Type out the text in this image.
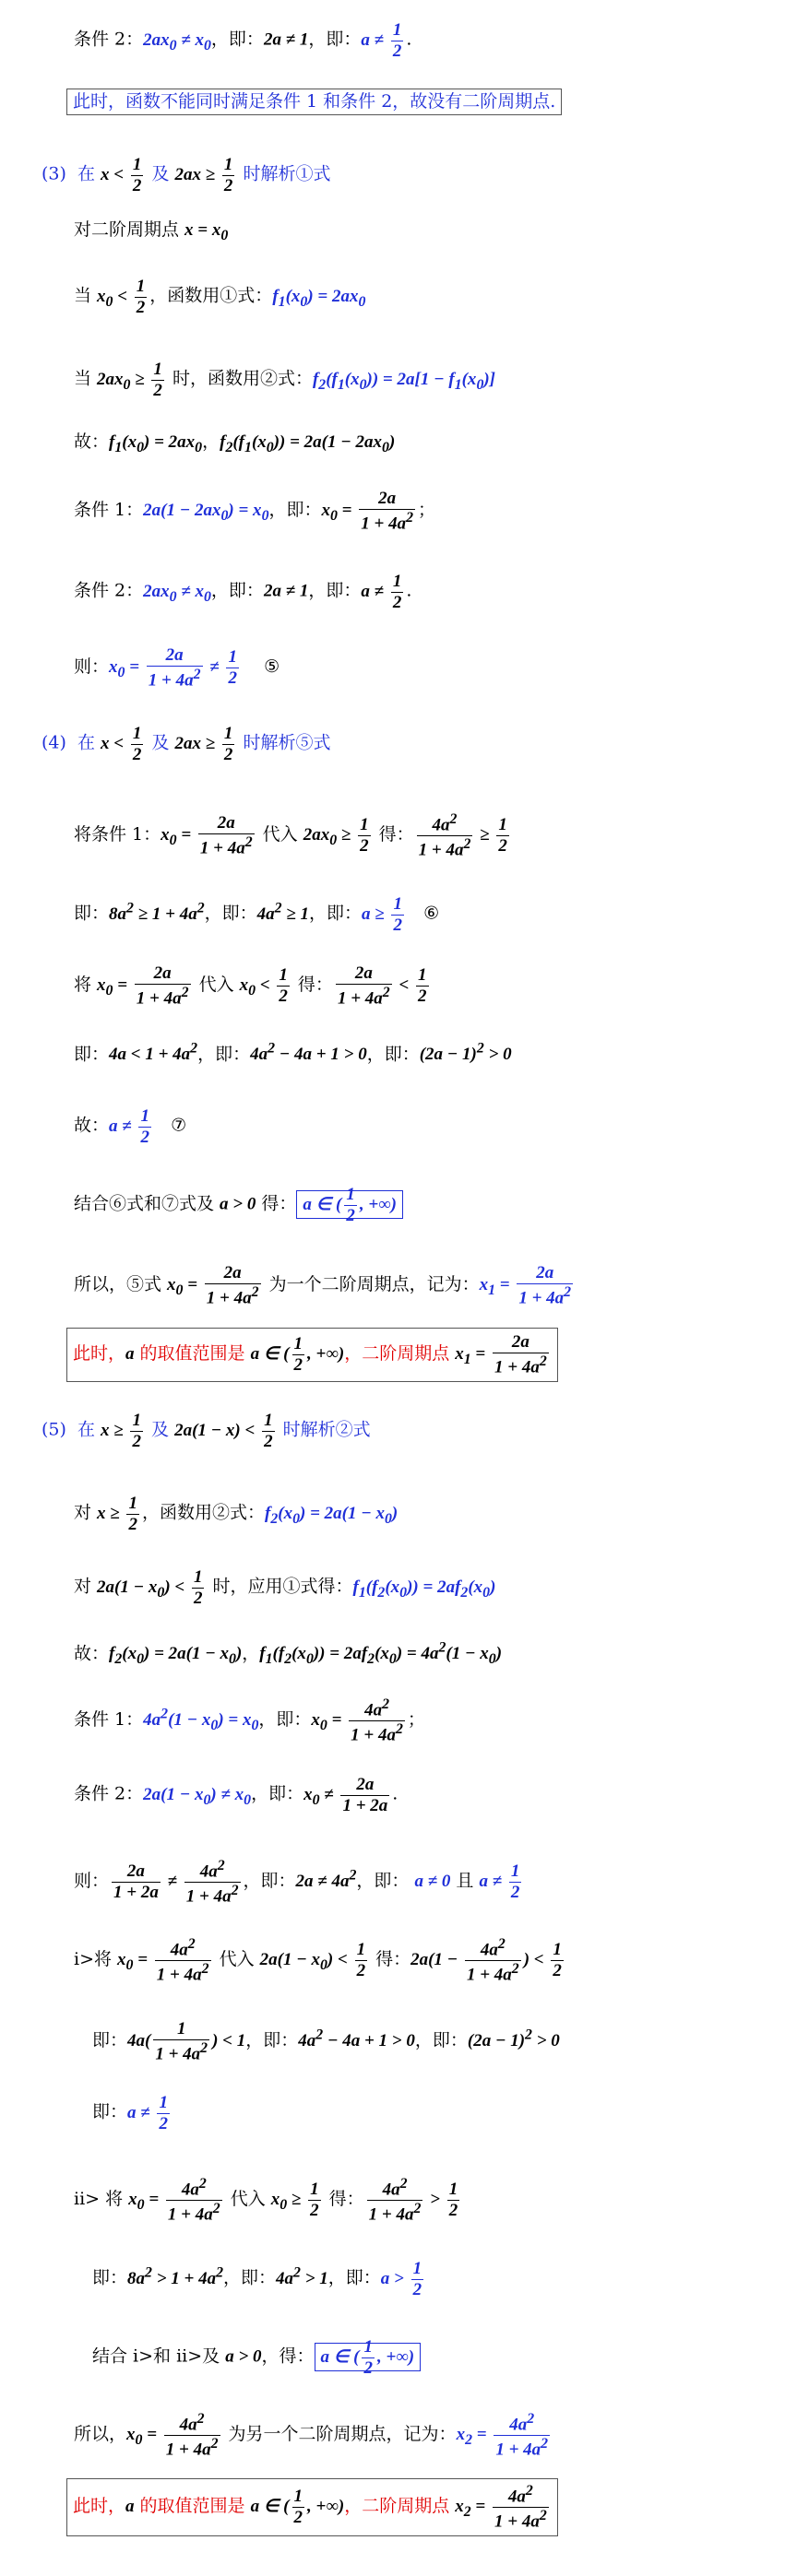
条件 2：$2ax_0 \ne x_0$，即：2a ≠ 1，即：$a \ne \frac{1}{2}$ .
此时，函数不能同时满足条件 1 和条件 2，故没有二阶周期点.
(3)  在 $x < \frac{1}{2}$ 及 $2ax \ge \frac{1}{2}$ 时解析①式
对二阶周期点 $x = x_0$
当 $x_0 < \frac{1}{2}$ ，函数用①式：$f_1(x_0) = 2ax_0$
当 $2ax_0 \ge \frac{1}{2}$ 时，函数用②式：$f_2(f_1(x_0)) = 2a[1 - f_1(x_0)]$
故：$f_1(x_0) = 2ax_0$，$f_2(f_1(x_0)) = 2a(1 - 2ax_0)$
条件 1：$2a(1 - 2ax_0) = x_0$，即：$x_0 = \frac{2a}{1 + 4a^2}$ ；
条件 2：$2ax_0 \ne x_0$，即：2a ≠ 1，即：$a \ne \frac{1}{2}$ .
则：$x_0 = \frac{2a}{1 + 4a^2} \ne \frac{1}{2}$ ⑤
(4)  在 $x < \frac{1}{2}$ 及 $2ax \ge \frac{1}{2}$ 时解析⑤式
将条件 1：$x_0 = \frac{2a}{1 + 4a^2}$ 代入 $2ax_0 \ge \frac{1}{2}$ 得： $\frac{4a^2}{1 + 4a^2} \ge \frac{1}{2}$
即：$8a^2 \ge 1 + 4a^2$，即：$4a^2 \ge 1$，即：$a \ge \frac{1}{2}$ ⑥
将 $x_0 = \frac{2a}{1 + 4a^2}$ 代入 $x_0 < \frac{1}{2}$ 得： $\frac{2a}{1 + 4a^2} < \frac{1}{2}$
即：$4a < 1 + 4a^2$，即：$4a^2 - 4a + 1 > 0$，即：$(2a - 1)^2 > 0$
故：$a \ne \frac{1}{2}$ ⑦
结合⑥式和⑦式及 a > 0 得： a ∈ ( $\frac{1}{2}$ , +∞)
所以，⑤式 $x_0 = \frac{2a}{1 + 4a^2}$ 为一个二阶周期点，记为：$x_1 = \frac{2a}{1 + 4a^2}$
此时，a 的取值范围是 a ∈ ( $\frac{1}{2}$ , +∞)，二阶周期点 $x_1 = \frac{2a}{1 + 4a^2}$
(5)  在 $x \ge \frac{1}{2}$ 及 $2a(1 - x) < \frac{1}{2}$ 时解析②式
对 $x \ge \frac{1}{2}$ ，函数用②式：$f_2(x_0) = 2a(1 - x_0)$
对 $2a(1 - x_0) < \frac{1}{2}$ 时，应用①式得：$f_1(f_2(x_0)) = 2af_2(x_0)$
故：$f_2(x_0) = 2a(1 - x_0)$，$f_1(f_2(x_0)) = 2af_2(x_0) = 4a^2(1 - x_0)$
条件 1：$4a^2(1 - x_0) = x_0$，即：$x_0 = \frac{4a^2}{1 + 4a^2}$ ；
条件 2：$2a(1 - x_0) \ne x_0$，即：$x_0 \ne \frac{2a}{1 + 2a}$ .
则： $\frac{2a}{1 + 2a} \ne \frac{4a^2}{1 + 4a^2}$ ，即：$2a \ne 4a^2$，即： a ≠ 0 且 $a \ne \frac{1}{2}$
i>将 $x_0 = \frac{4a^2}{1 + 4a^2}$ 代入 $2a(1 - x_0) < \frac{1}{2}$ 得：$2a(1 - \frac{4a^2}{1 + 4a^2}$ ) < $\frac{1}{2}$
即：$4a( \frac{1}{1 + 4a^2}$ ) < 1，即：$4a^2 - 4a + 1 > 0$，即：$(2a - 1)^2 > 0$
即：$a \ne \frac{1}{2}$
ii> 将 $x_0 = \frac{4a^2}{1 + 4a^2}$ 代入 $x_0 \ge \frac{1}{2}$ 得： $\frac{4a^2}{1 + 4a^2} > \frac{1}{2}$
即：$8a^2 > 1 + 4a^2$，即：$4a^2 > 1$，即：$a > \frac{1}{2}$
结合 i>和 ii>及 a > 0，得： a ∈ ( $\frac{1}{2}$ , +∞)
所以，$x_0 = \frac{4a^2}{1 + 4a^2}$ 为另一个二阶周期点，记为：$x_2 = \frac{4a^2}{1 + 4a^2}$
此时，a 的取值范围是 a ∈ ( $\frac{1}{2}$ , +∞)，二阶周期点 $x_2 = \frac{4a^2}{1 + 4a^2}$
